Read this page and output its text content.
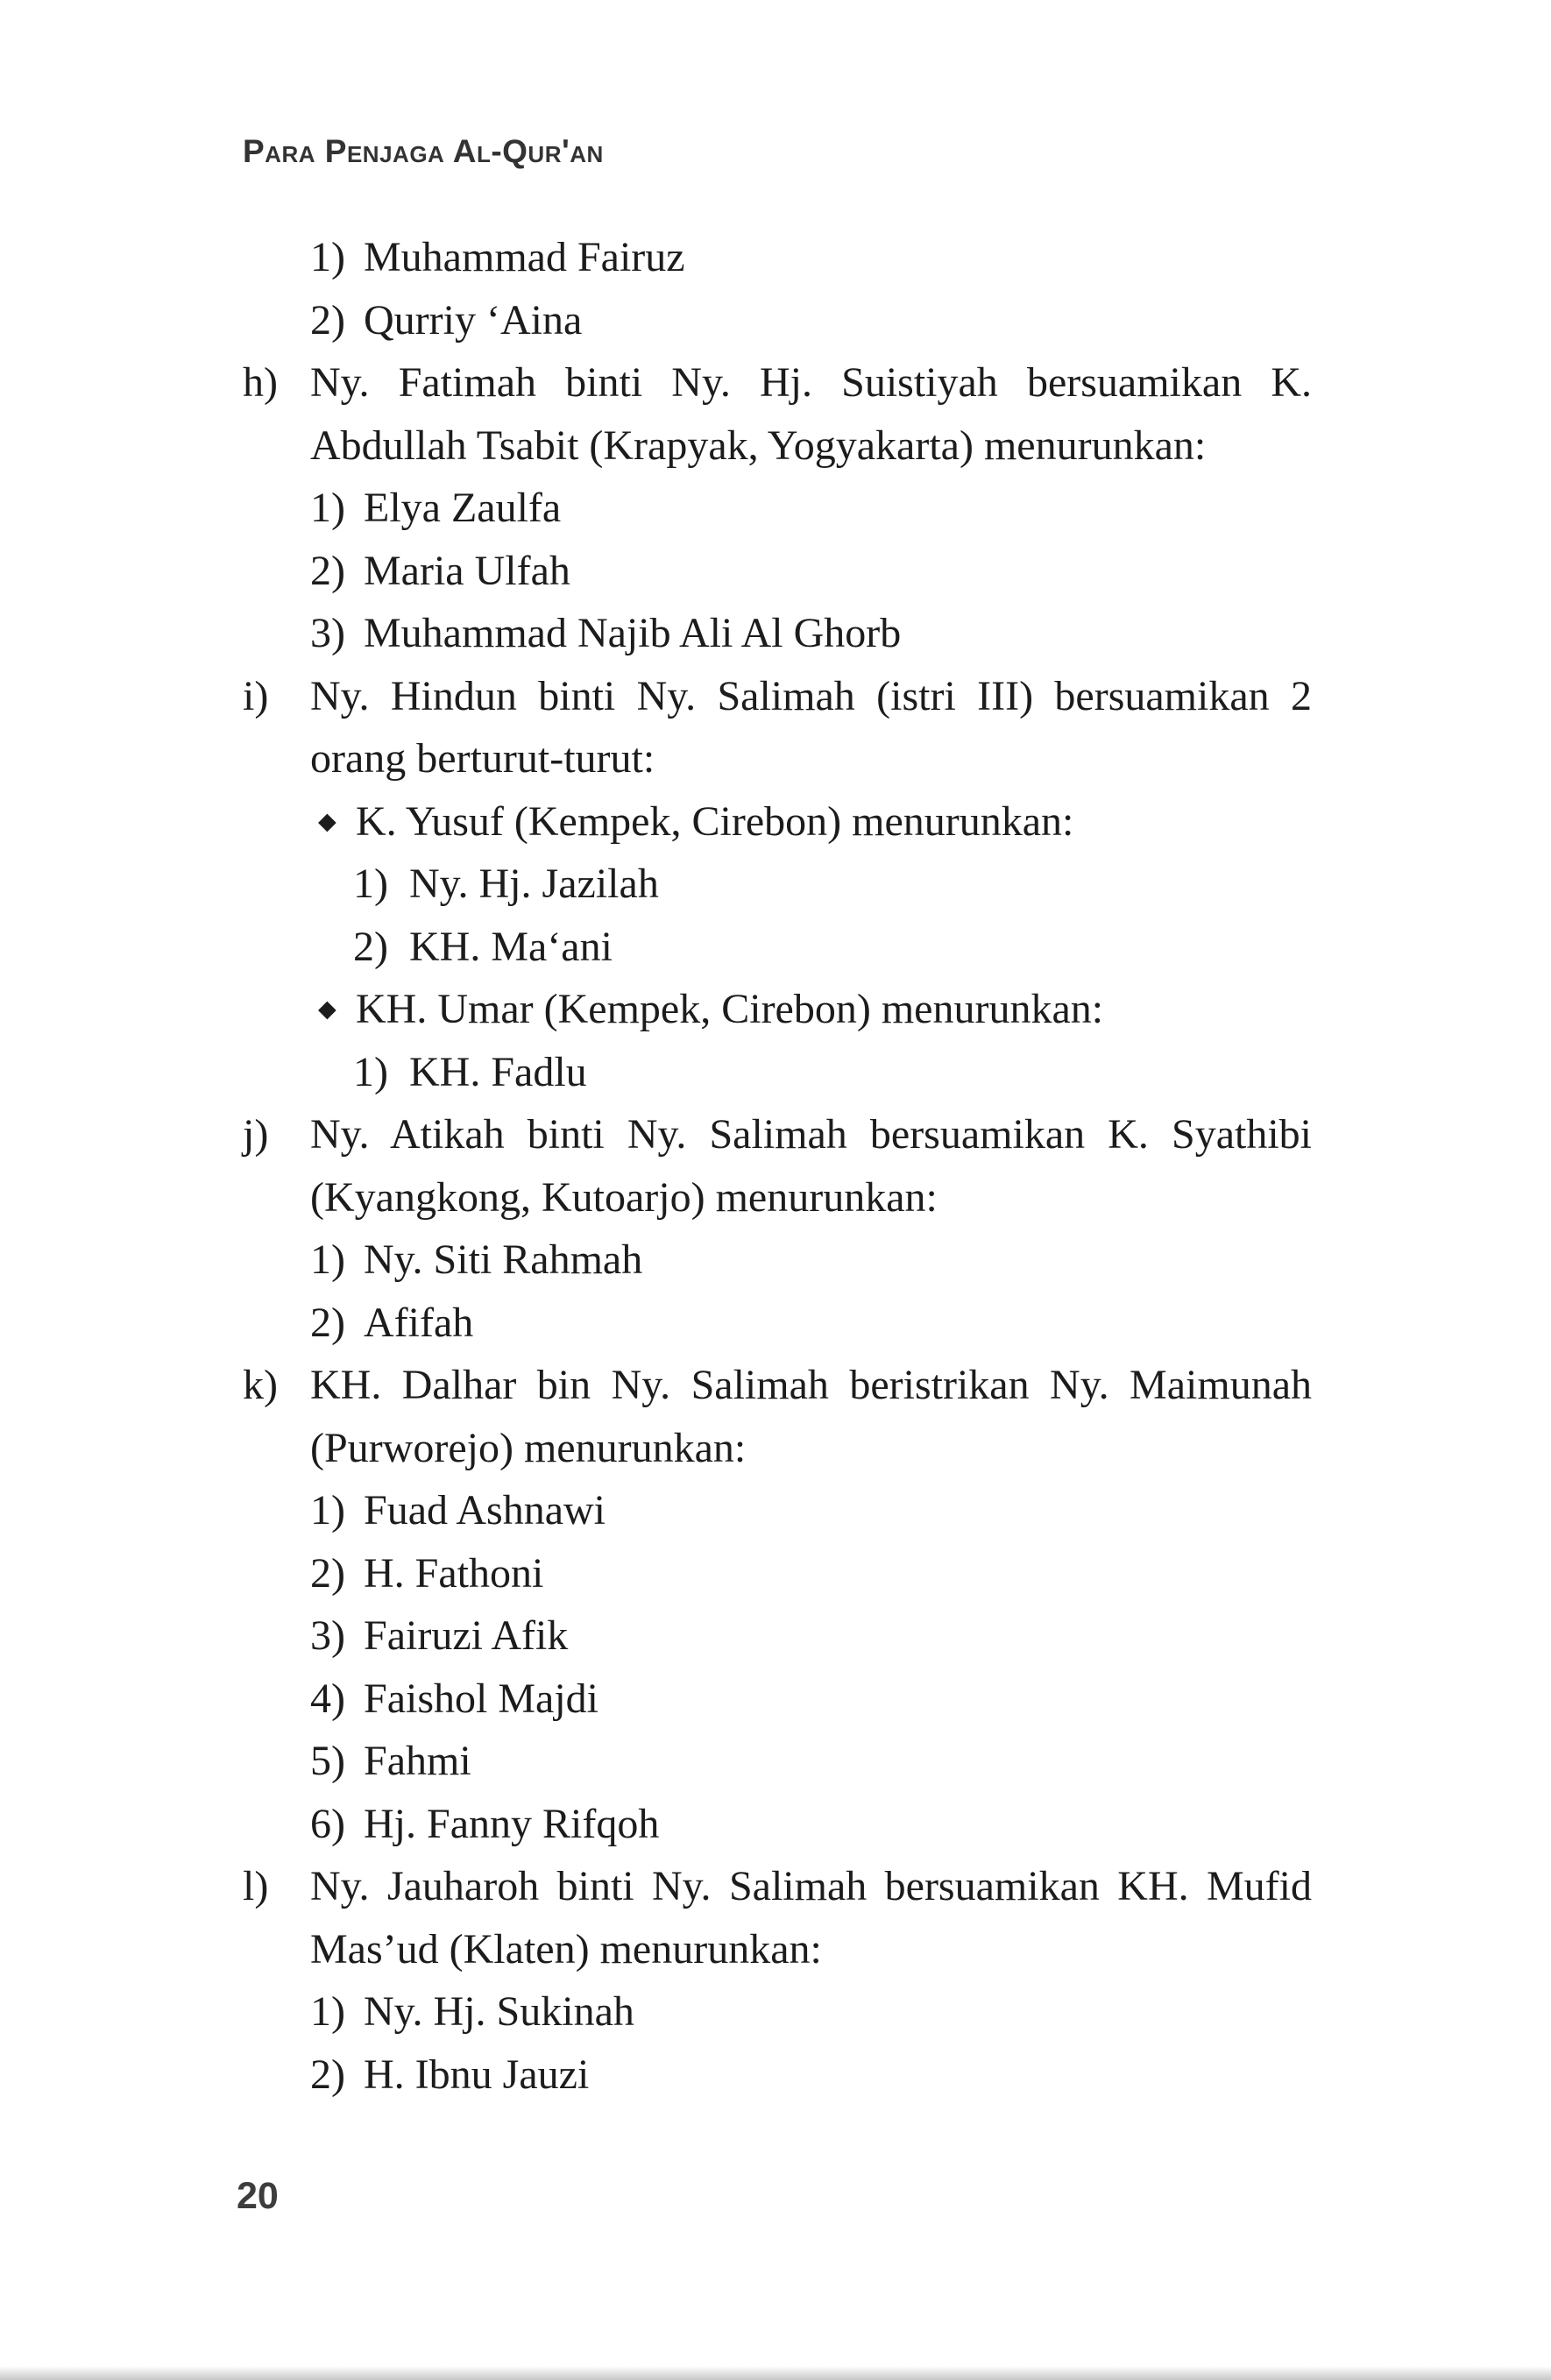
Para Penjaga Al-Qur'an
1) Muhammad Fairuz
2) Qurriy ‘Aina
h) Ny. Fatimah binti Ny. Hj. Suistiyah bersuamikan K. Abdullah Tsabit (Krapyak, Yogyakarta) menurunkan:
1) Elya Zaulfa
2) Maria Ulfah
3) Muhammad Najib Ali Al Ghorb
i) Ny. Hindun binti Ny. Salimah (istri III) bersuamikan 2 orang berturut-turut:
◆ K. Yusuf (Kempek, Cirebon) menurunkan:
1) Ny. Hj. Jazilah
2) KH. Ma‘ani
◆ KH. Umar (Kempek, Cirebon) menurunkan:
1) KH. Fadlu
j) Ny. Atikah binti Ny. Salimah bersuamikan K. Syathibi (Kyangkong, Kutoarjo) menurunkan:
1) Ny. Siti Rahmah
2) Afifah
k) KH. Dalhar bin Ny. Salimah beristrikan Ny. Maimunah (Purworejo) menurunkan:
1) Fuad Ashnawi
2) H. Fathoni
3) Fairuzi Afik
4) Faishol Majdi
5) Fahmi
6) Hj. Fanny Rifqoh
l) Ny. Jauharoh binti Ny. Salimah bersuamikan KH. Mufid Mas’ud (Klaten) menurunkan:
1) Ny. Hj. Sukinah
2) H. Ibnu Jauzi
20
